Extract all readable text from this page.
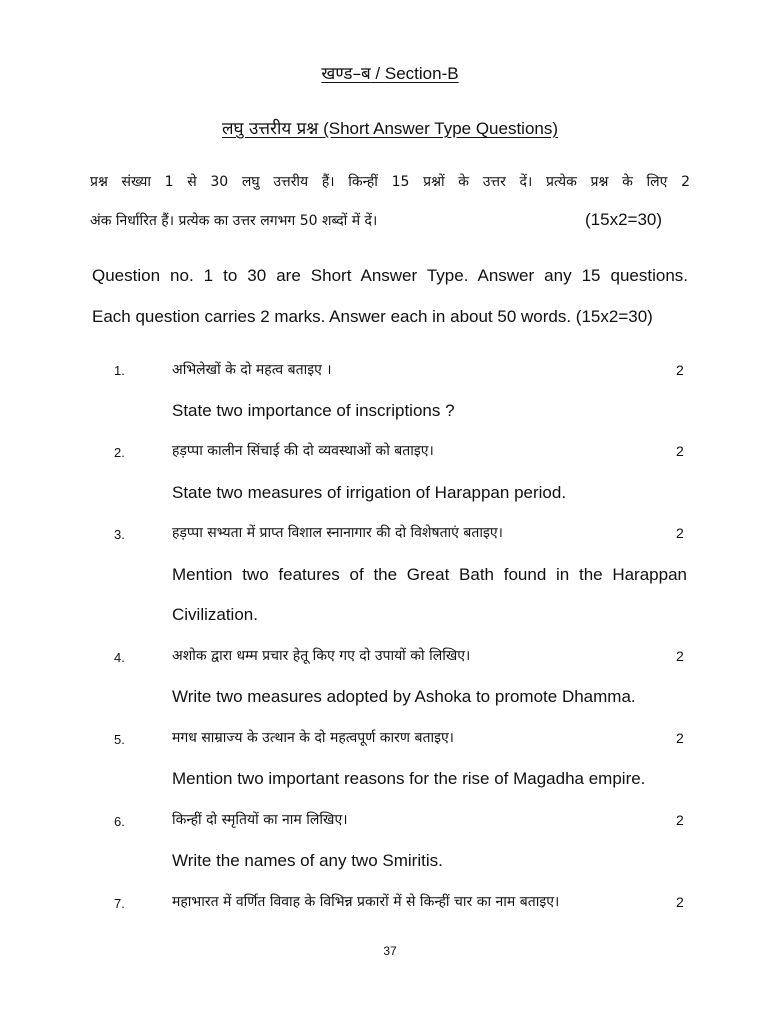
खण्ड–ब / Section-B
लघु उत्तरीय प्रश्न (Short Answer Type Questions)
प्रश्न संख्या 1 से 30 लघु उत्तरीय हैं। किन्हीं 15 प्रश्नों के उत्तर दें। प्रत्येक प्रश्न के लिए 2
अंक निर्धारित हैं। प्रत्येक का उत्तर लगभग 50 शब्दों में दें।	(15x2=30)
Question no. 1 to 30 are Short Answer Type. Answer any 15 questions.
Each question carries 2 marks. Answer each in about 50 words. (15x2=30)
1.	अभिलेखों के दो महत्व बताइए ।	2
State two importance of inscriptions ?
2.	हड़प्पा कालीन सिंचाई की दो व्यवस्थाओं को बताइए।	2
State two measures of irrigation of Harappan period.
3.	हड़प्पा सभ्यता में प्राप्त विशाल स्नानागार की दो विशेषताएं बताइए।	2
Mention two features of the Great Bath found in the Harappan
Civilization.
4.	अशोक द्वारा धम्म प्रचार हेतू किए गए दो उपायों को लिखिए।	2
Write two measures adopted by Ashoka to promote Dhamma.
5.	मगध साम्राज्य के उत्थान के दो महत्वपूर्ण कारण बताइए।	2
Mention two important reasons for the rise of Magadha empire.
6.	किन्हीं दो स्मृतियों का नाम लिखिए।	2
Write the names of any two Smiritis.
7.	महाभारत में वर्णित विवाह के विभिन्न प्रकारों में से किन्हीं चार का नाम बताइए।	2
37
